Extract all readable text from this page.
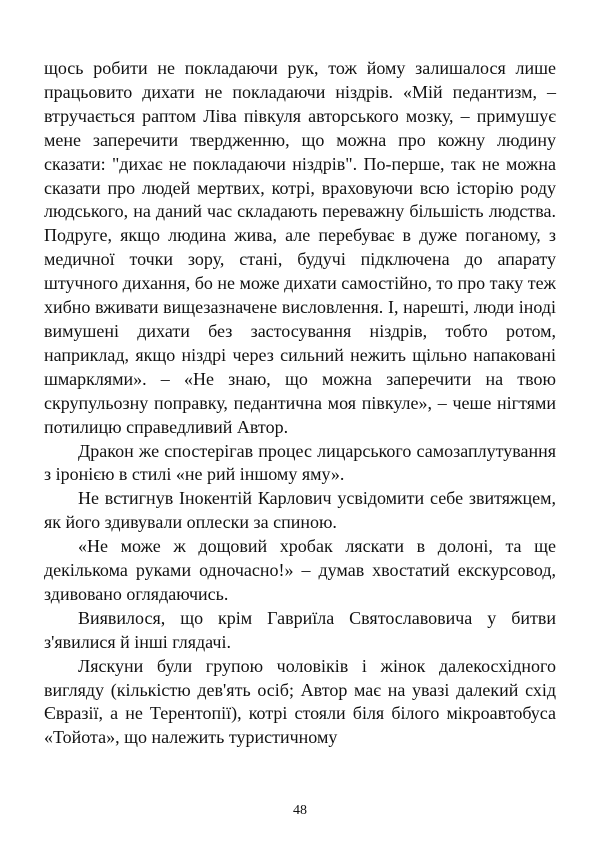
щось робити не покладаючи рук, тож йому залишалося лише працьовито дихати не покладаючи ніздрів. «Мій педантизм, – втручається раптом Ліва півкуля авторського мозку, – примушує мене заперечити твердженню, що можна про кожну людину сказати: "дихає не покладаючи ніздрів". По-перше, так не можна сказати про людей мертвих, котрі, враховуючи всю історію роду людського, на даний час складають переважну більшість людства. Подруге, якщо людина жива, але перебуває в дуже поганому, з медичної точки зору, стані, будучі підключена до апарату штучного дихання, бо не може дихати самостійно, то про таку теж хибно вживати вищезазначене висловлення. І, нарешті, люди іноді вимушені дихати без застосування ніздрів, тобто ротом, наприклад, якщо ніздрі через сильний нежить щільно напаковані шмарклями». – «Не знаю, що можна заперечити на твою скрупульозну поправку, педантична моя півкуле», – чеше нігтями потилицю справедливий Автор.

Дракон же спостерігав процес лицарського самозаплутування з іронією в стилі «не рий іншому яму».

Не встигнув Інокентій Карлович усвідомити себе звитяжцем, як його здивували оплески за спиною.

«Не може ж дощовий хробак ляскати в долоні, та ще декількома руками одночасно!» – думав хвостатий екскурсовод, здивовано оглядаючись.

Виявилося, що крім Гавриїла Святославовича у битви з'явилися й інші глядачі.

Ляскуни були групою чоловіків і жінок далекосхідного вигляду (кількістю дев'ять осіб; Автор має на увазі далекий схід Євразії, а не Терентопії), котрі стояли біля білого мікроавтобуса «Тойота», що належить туристичному

48
